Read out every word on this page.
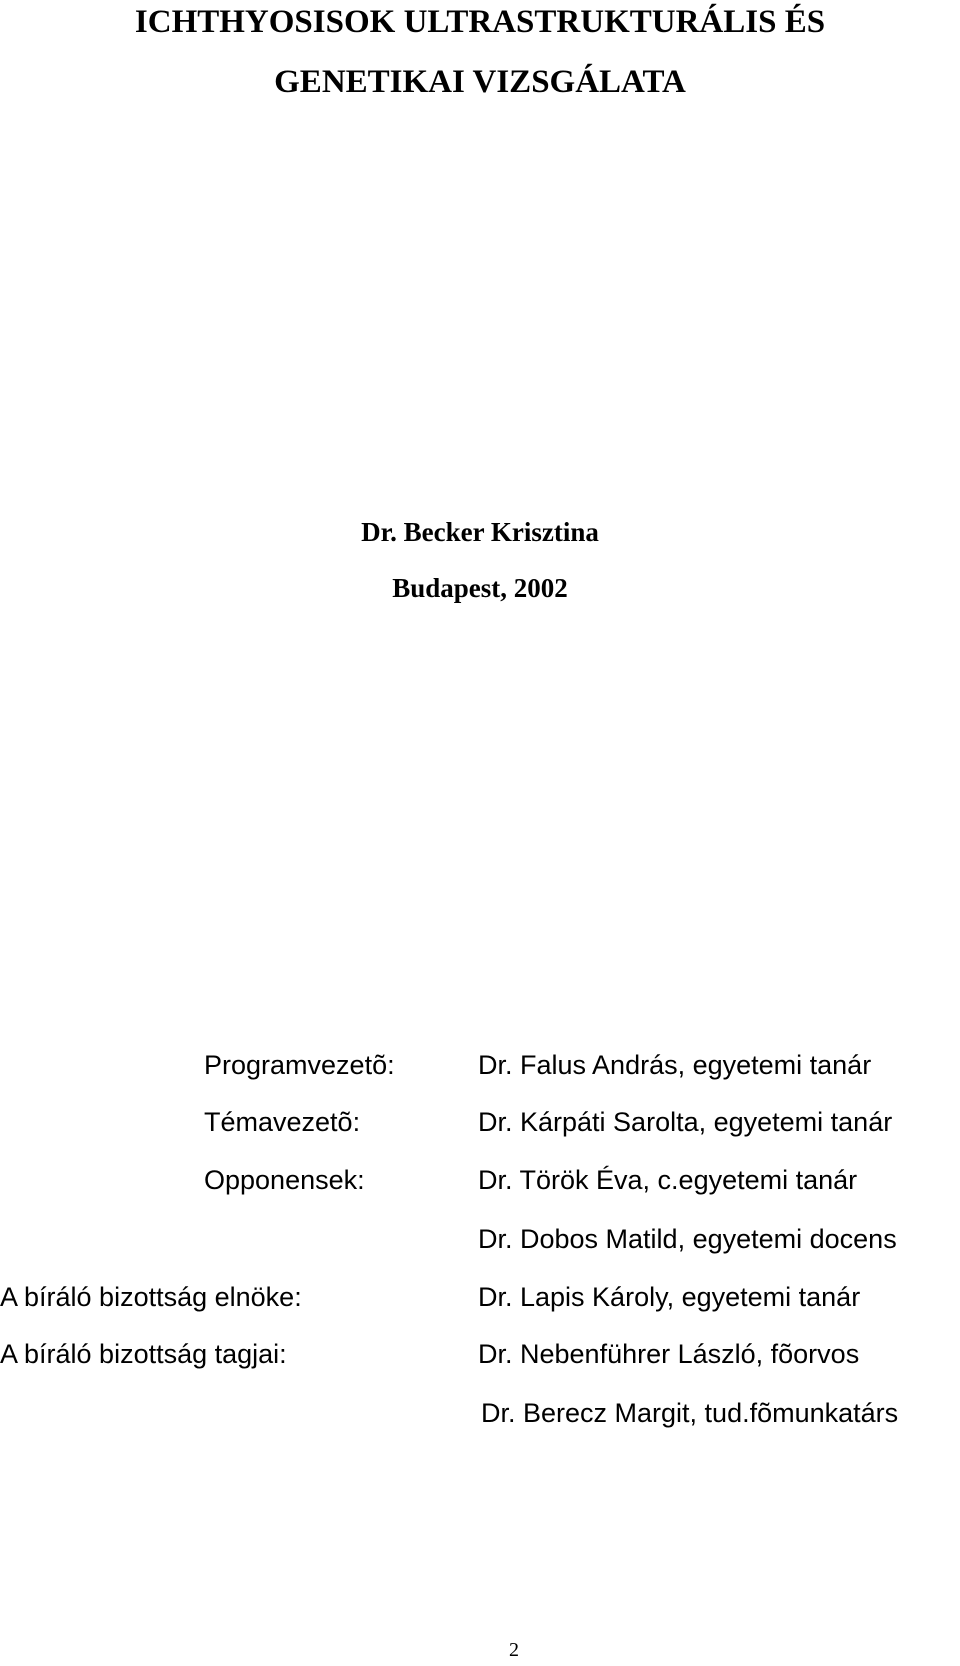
ICHTHYOSISOK ULTRASTRUKTURÁLIS ÉS
GENETIKAI VIZSGÁLATA
Dr. Becker Krisztina
Budapest, 2002
Programvezetõ:
Témavezetõ:
Opponensek:
A bíráló bizottság elnöke:
A bíráló bizottság tagjai:
Dr. Falus András, egyetemi tanár
Dr. Kárpáti Sarolta, egyetemi tanár
Dr. Török Éva, c.egyetemi tanár
Dr. Dobos Matild, egyetemi docens
Dr. Lapis Károly, egyetemi tanár
Dr. Nebenführer László, fõorvos
Dr. Berecz Margit, tud.fõmunkatárs
2
